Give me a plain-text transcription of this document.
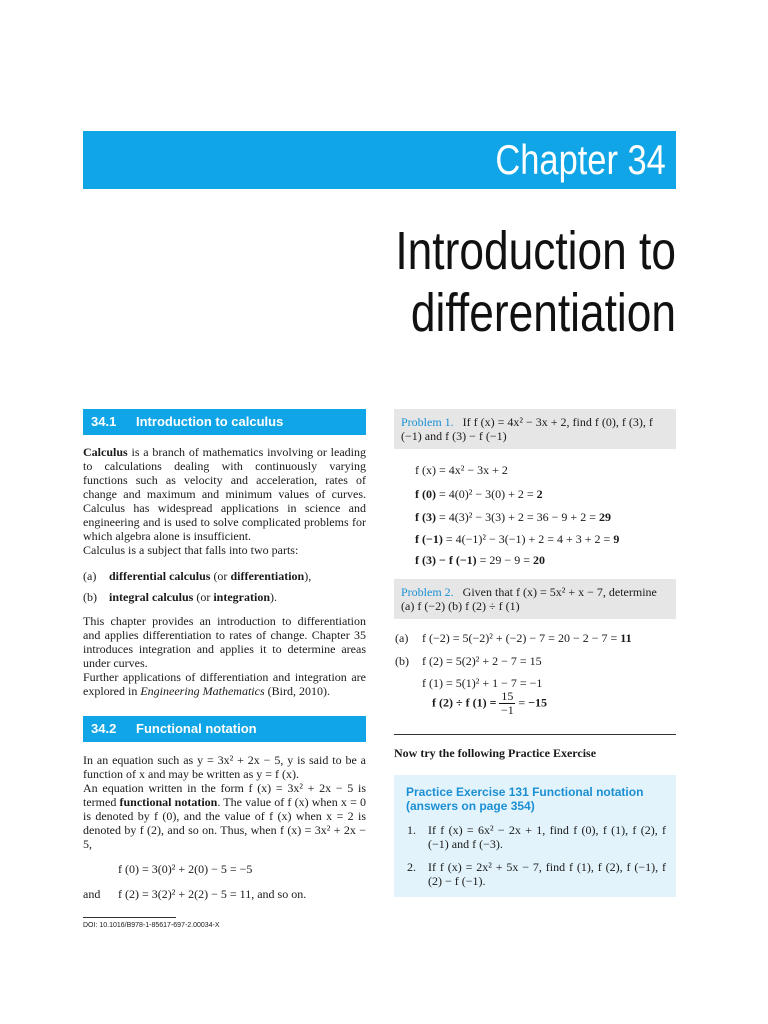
Chapter 34
Introduction to
differentiation
34.1 Introduction to calculus
Calculus is a branch of mathematics involving or leading to calculations dealing with continuously varying functions such as velocity and acceleration, rates of change and maximum and minimum values of curves. Calculus has widespread applications in science and engineering and is used to solve complicated problems for which algebra alone is insufficient.
Calculus is a subject that falls into two parts:
(a) differential calculus (or differentiation),
(b) integral calculus (or integration).
This chapter provides an introduction to differentiation and applies differentiation to rates of change. Chapter 35 introduces integration and applies it to determine areas under curves.
Further applications of differentiation and integration are explored in Engineering Mathematics (Bird, 2010).
34.2 Functional notation
In an equation such as y = 3x² + 2x − 5, y is said to be a function of x and may be written as y = f (x).
An equation written in the form f (x) = 3x² + 2x − 5 is termed functional notation. The value of f (x) when x = 0 is denoted by f (0), and the value of f (x) when x = 2 is denoted by f (2), and so on. Thus, when f (x) = 3x² + 2x − 5,
f (0) = 3(0)² + 2(0) − 5 = −5
and f (2) = 3(2)² + 2(2) − 5 = 11, and so on.
DOI: 10.1016/B978-1-85617-697-2.00034-X
Problem 1. If f (x) = 4x² − 3x + 2, find f (0), f (3), f (−1) and f (3) − f (−1)
f (x) = 4x² − 3x + 2
f (0) = 4(0)² − 3(0) + 2 = 2
f (3) = 4(3)² − 3(3) + 2 = 36 − 9 + 2 = 29
f (−1) = 4(−1)² − 3(−1) + 2 = 4 + 3 + 2 = 9
f (3) − f (−1) = 29 − 9 = 20
Problem 2. Given that f (x) = 5x² + x − 7, determine (a) f (−2) (b) f (2) ÷ f (1)
(a) f (−2) = 5(−2)² + (−2) − 7 = 20 − 2 − 7 = 11
(b) f (2) = 5(2)² + 2 − 7 = 15
f (1) = 5(1)² + 1 − 7 = −1
f (2) ÷ f $(1) = \frac{15}{-1} = -15$
Now try the following Practice Exercise
Practice Exercise 131 Functional notation (answers on page 354)
1. If f (x) = 6x² − 2x + 1, find f (0), f (1), f (2), f (−1) and f (−3).
2. If f (x) = 2x² + 5x − 7, find f (1), f (2), f (−1), f (2) − f (−1).
